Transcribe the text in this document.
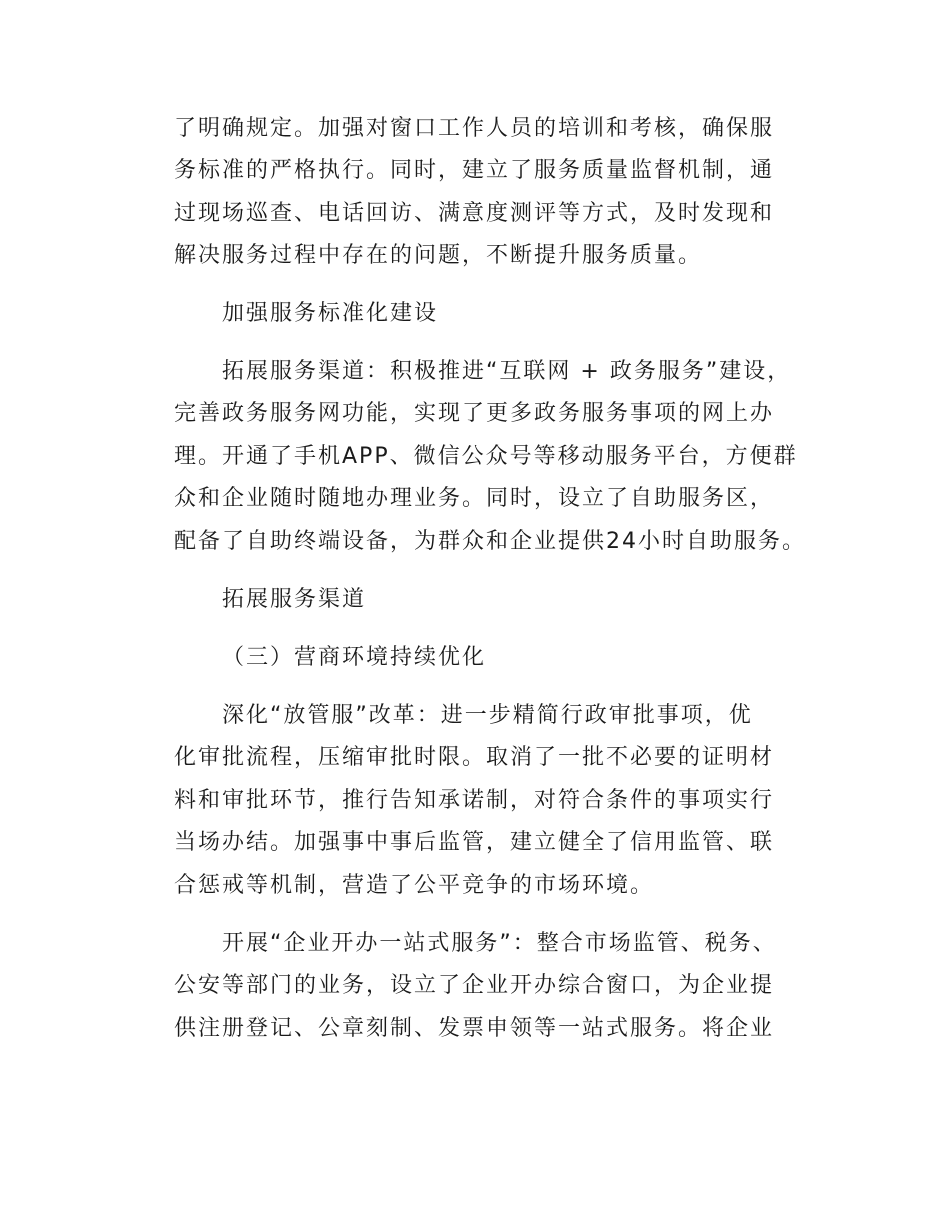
了明确规定。加强对窗口工作人员的培训和考核，确保服
务标准的严格执行。同时，建立了服务质量监督机制，通
过现场巡查、电话回访、满意度测评等方式，及时发现和
解决服务过程中存在的问题，不断提升服务质量。
加强服务标准化建设
拓展服务渠道：积极推进“互联网 + 政务服务”建设，
完善政务服务网功能，实现了更多政务服务事项的网上办
理。开通了手机APP、微信公众号等移动服务平台，方便群
众和企业随时随地办理业务。同时，设立了自助服务区，
配备了自助终端设备，为群众和企业提供24小时自助服务。
拓展服务渠道
（三）营商环境持续优化
深化“放管服”改革：进一步精简行政审批事项，优
化审批流程，压缩审批时限。取消了一批不必要的证明材
料和审批环节，推行告知承诺制，对符合条件的事项实行
当场办结。加强事中事后监管，建立健全了信用监管、联
合惩戒等机制，营造了公平竞争的市场环境。
开展“企业开办一站式服务”：整合市场监管、税务、
公安等部门的业务，设立了企业开办综合窗口，为企业提
供注册登记、公章刻制、发票申领等一站式服务。将企业
